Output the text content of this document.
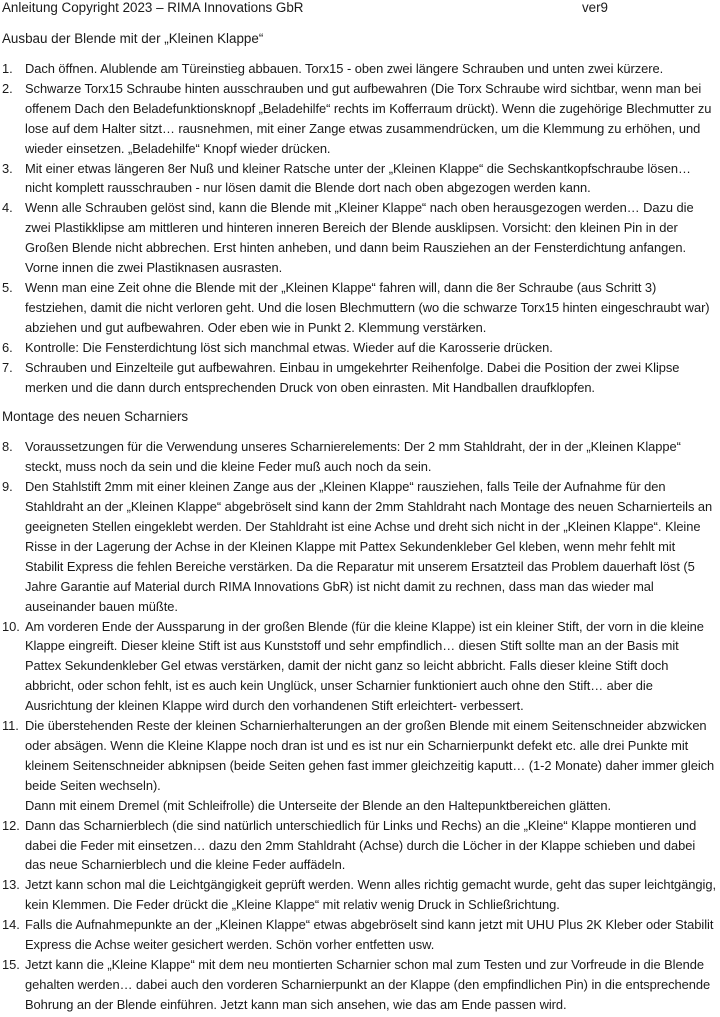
Anleitung Copyright 2023 – RIMA Innovations GbR	ver9
Ausbau der Blende mit der „Kleinen Klappe“
1. Dach öffnen. Alublende am Türeinstieg abbauen. Torx15 - oben zwei längere Schrauben und unten zwei kürzere.
2. Schwarze Torx15 Schraube hinten ausschrauben und gut aufbewahren (Die Torx Schraube wird sichtbar, wenn man bei offenem Dach den Beladefunktionsknopf „Beladehilfe“ rechts im Kofferraum drückt). Wenn die zugehörige Blechmutter zu lose auf dem Halter sitzt… rausnehmen, mit einer Zange etwas zusammendrücken, um die Klemmung zu erhöhen, und wieder einsetzen. „Beladehilfe“ Knopf wieder drücken.
3. Mit einer etwas längeren 8er Nuß und kleiner Ratsche unter der „Kleinen Klappe“ die Sechskantkopfschraube lösen… nicht komplett rausschrauben - nur lösen damit die Blende dort nach oben abgezogen werden kann.
4. Wenn alle Schrauben gelöst sind, kann die Blende mit „Kleiner Klappe“ nach oben herausgezogen werden… Dazu die zwei Plastikklipse am mittleren und hinteren inneren Bereich der Blende ausklipsen. Vorsicht: den kleinen Pin in der Großen Blende nicht abbrechen. Erst hinten anheben, und dann beim Rausziehen an der Fensterdichtung anfangen. Vorne innen die zwei Plastiknasen ausrasten.
5. Wenn man eine Zeit ohne die Blende mit der „Kleinen Klappe“ fahren will, dann die 8er Schraube (aus Schritt 3) festziehen, damit die nicht verloren geht. Und die losen Blechmuttern (wo die schwarze Torx15 hinten eingeschraubt war) abziehen und gut aufbewahren. Oder eben wie in Punkt 2. Klemmung verstärken.
6. Kontrolle: Die Fensterdichtung löst sich manchmal etwas. Wieder auf die Karosserie drücken.
7. Schrauben und Einzelteile gut aufbewahren. Einbau in umgekehrter Reihenfolge. Dabei die Position der zwei Klipse merken und die dann durch entsprechenden Druck von oben einrasten. Mit Handballen draufklopfen.
Montage des neuen Scharniers
8. Voraussetzungen für die Verwendung unseres Scharnierelements: Der 2 mm Stahldraht, der in der „Kleinen Klappe“ steckt, muss noch da sein und die kleine Feder muß auch noch da sein.
9. Den Stahlstift 2mm mit einer kleinen Zange aus der „Kleinen Klappe“ rausziehen, falls Teile der Aufnahme für den Stahldraht an der „Kleinen Klappe“ abgebröselt sind kann der 2mm Stahldraht nach Montage des neuen Scharnierteils an geeigneten Stellen eingeklebt werden. Der Stahldraht ist eine Achse und dreht sich nicht in der „Kleinen Klappe“. Kleine Risse in der Lagerung der Achse in der Kleinen Klappe mit Pattex Sekundenkleber Gel kleben, wenn mehr fehlt mit Stabilit Express die fehlen Bereiche verstärken. Da die Reparatur mit unserem Ersatzteil das Problem dauerhaft löst (5 Jahre Garantie auf Material durch RIMA Innovations GbR) ist nicht damit zu rechnen, dass man das wieder mal auseinander bauen müßte.
10. Am vorderen Ende der Aussparung in der großen Blende (für die kleine Klappe) ist ein kleiner Stift, der vorn in die kleine Klappe eingreift. Dieser kleine Stift ist aus Kunststoff und sehr empfindlich… diesen Stift sollte man an der Basis mit Pattex Sekundenkleber Gel etwas verstärken, damit der nicht ganz so leicht abbricht. Falls dieser kleine Stift doch abbricht, oder schon fehlt, ist es auch kein Unglück, unser Scharnier funktioniert auch ohne den Stift… aber die Ausrichtung der kleinen Klappe wird durch den vorhandenen Stift erleichtert- verbessert.
11. Die überstehenden Reste der kleinen Scharnierhalterungen an der großen Blende mit einem Seitenschneider abzwicken oder absägen. Wenn die Kleine Klappe noch dran ist und es ist nur ein Scharnierpunkt defekt etc. alle drei Punkte mit kleinem Seitenschneider abknipsen (beide Seiten gehen fast immer gleichzeitig kaputt… (1-2 Monate) daher immer gleich beide Seiten wechseln).
Dann mit einem Dremel (mit Schleifrolle) die Unterseite der Blende an den Haltepunktbereichen glätten.
12. Dann das Scharnierblech (die sind natürlich unterschiedlich für Links und Rechs) an die „Kleine“ Klappe montieren und dabei die Feder mit einsetzen… dazu den 2mm Stahldraht (Achse) durch die Löcher in der Klappe schieben und dabei das neue Scharnierblech und die kleine Feder auffädeln.
13. Jetzt kann schon mal die Leichtgängigkeit geprüft werden. Wenn alles richtig gemacht wurde, geht das super leichtgängig, kein Klemmen. Die Feder drückt die „Kleine Klappe“ mit relativ wenig Druck in Schließrichtung.
14. Falls die Aufnahmepunkte an der „Kleinen Klappe“ etwas abgebröselt sind kann jetzt mit UHU Plus 2K Kleber oder Stabilit Express die Achse weiter gesichert werden. Schön vorher entfetten usw.
15. Jetzt kann die „Kleine Klappe“ mit dem neu montierten Scharnier schon mal zum Testen und zur Vorfreude in die Blende gehalten werden… dabei auch den vorderen Scharnierpunkt an der Klappe (den empfindlichen Pin) in die entsprechende Bohrung an der Blende einführen. Jetzt kann man sich ansehen, wie das am Ende passen wird.
